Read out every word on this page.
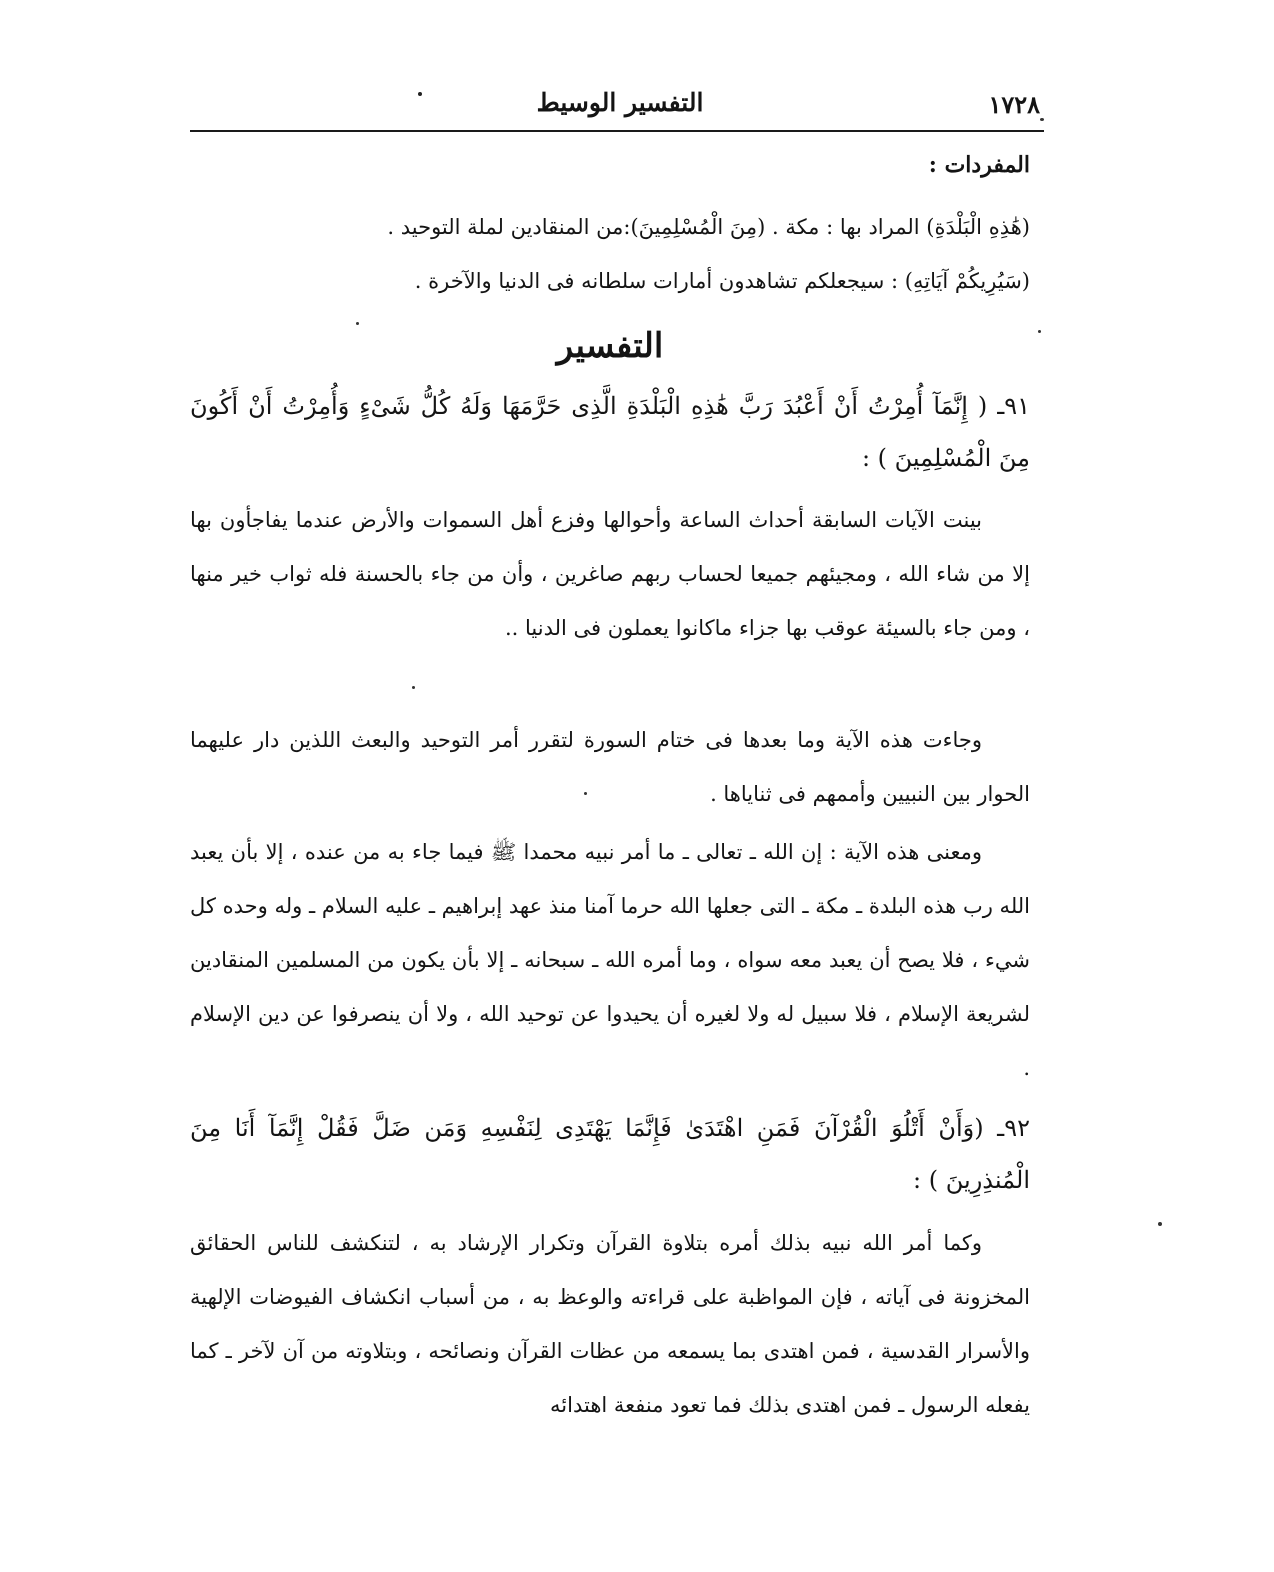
١٧٢٨
التفسير الوسيط
المفردات :
(هَٰذِهِ الْبَلْدَةِ) المراد بها : مكة . (مِنَ الْمُسْلِمِينَ):من المنقادين لملة التوحيد .
(سَيُرِيكُمْ آيَاتِهِ) : سيجعلكم تشاهدون أمارات سلطانه فى الدنيا والآخرة .
التفسير
٩١ـ ( إِنَّمَآ أُمِرْتُ أَنْ أَعْبُدَ رَبَّ هَٰذِهِ الْبَلْدَةِ الَّذِى حَرَّمَهَا وَلَهُ كُلُّ شَىْءٍ وَأُمِرْتُ أَنْ أَكُونَ مِنَ الْمُسْلِمِينَ ) :
بينت الآيات السابقة أحداث الساعة وأحوالها وفزع أهل السموات والأرض عندما يفاجأون بها إلا من شاء الله ، ومجيئهم جميعا لحساب ربهم صاغرين ، وأن من جاء بالحسنة فله ثواب خير منها ، ومن جاء بالسيئة عوقب بها جزاء ماكانوا يعملون فى الدنيا ..
وجاءت هذه الآية وما بعدها فى ختام السورة لتقرر أمر التوحيد والبعث اللذين دار عليهما الحوار بين النبيين وأممهم فى ثناياها .
ومعنى هذه الآية : إن الله ـ تعالى ـ ما أمر نبيه محمدا ﷺ فيما جاء به من عنده ، إلا بأن يعبد الله رب هذه البلدة ـ مكة ـ التى جعلها الله حرما آمنا منذ عهد إبراهيم ـ عليه السلام ـ وله وحده كل شيء ، فلا يصح أن يعبد معه سواه ، وما أمره الله ـ سبحانه ـ إلا بأن يكون من المسلمين المنقادين لشريعة الإسلام ، فلا سبيل له ولا لغيره أن يحيدوا عن توحيد الله ، ولا أن ينصرفوا عن دين الإسلام .
٩٢ـ (وَأَنْ أَتْلُوَ الْقُرْآنَ فَمَنِ اهْتَدَىٰ فَإِنَّمَا يَهْتَدِى لِنَفْسِهِ وَمَن ضَلَّ فَقُلْ إِنَّمَآ أَنَا مِنَ الْمُنذِرِينَ ) :
وكما أمر الله نبيه بذلك أمره بتلاوة القرآن وتكرار الإرشاد به ، لتنكشف للناس الحقائق المخزونة فى آياته ، فإن المواظبة على قراءته والوعظ به ، من أسباب انكشاف الفيوضات الإلهية والأسرار القدسية ، فمن اهتدى بما يسمعه من عظات القرآن ونصائحه ، وبتلاوته من آن لآخر ـ كما يفعله الرسول ـ فمن اهتدى بذلك فما تعود منفعة اهتدائه
